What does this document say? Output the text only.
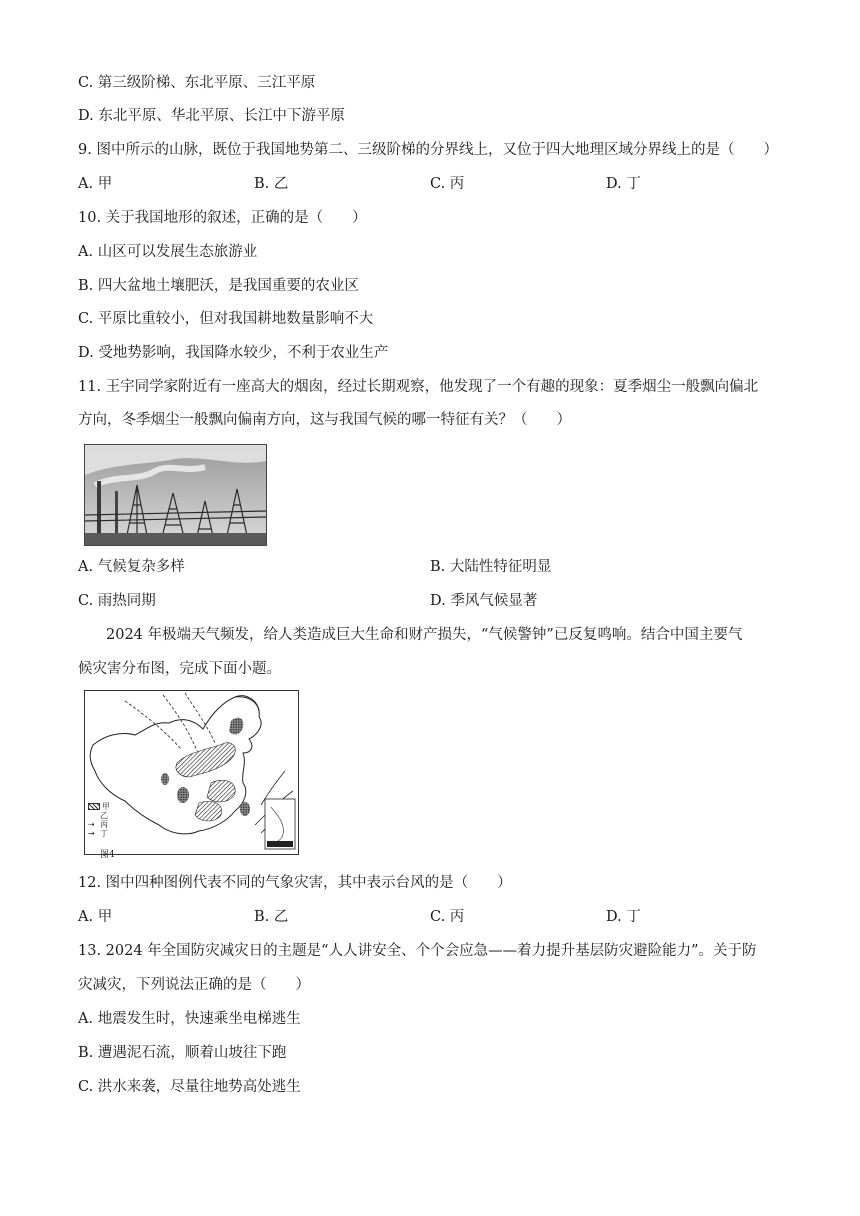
C. 第三级阶梯、东北平原、三江平原
D. 东北平原、华北平原、长江中下游平原
9. 图中所示的山脉，既位于我国地势第二、三级阶梯的分界线上，又位于四大地理区域分界线上的是（　　）
A. 甲	B. 乙	C. 丙	D. 丁
10. 关于我国地形的叙述，正确的是（　　）
A. 山区可以发展生态旅游业
B. 四大盆地土壤肥沃，是我国重要的农业区
C. 平原比重较小，但对我国耕地数量影响不大
D. 受地势影响，我国降水较少，不利于农业生产
11. 王宇同学家附近有一座高大的烟囱，经过长期观察，他发现了一个有趣的现象：夏季烟尘一般飘向偏北
方向，冬季烟尘一般飘向偏南方向，这与我国气候的哪一特征有关？（　　）
A. 气候复杂多样	B. 大陆性特征明显
C. 雨热同期	D. 季风气候显著
2024 年极端天气频发，给人类造成巨大生命和财产损失，“气候警钟”已反复鸣响。结合中国主要气
候灾害分布图，完成下面小题。
甲
乙
⇢ 丙
→ 丁
图4
12. 图中四种图例代表不同的气象灾害，其中表示台风的是（　　）
A. 甲	B. 乙	C. 丙	D. 丁
13. 2024 年全国防灾减灾日的主题是“人人讲安全、个个会应急——着力提升基层防灾避险能力”。关于防
灾减灾，下列说法正确的是（　　）
A. 地震发生时，快速乘坐电梯逃生
B. 遭遇泥石流，顺着山坡往下跑
C. 洪水来袭，尽量往地势高处逃生
